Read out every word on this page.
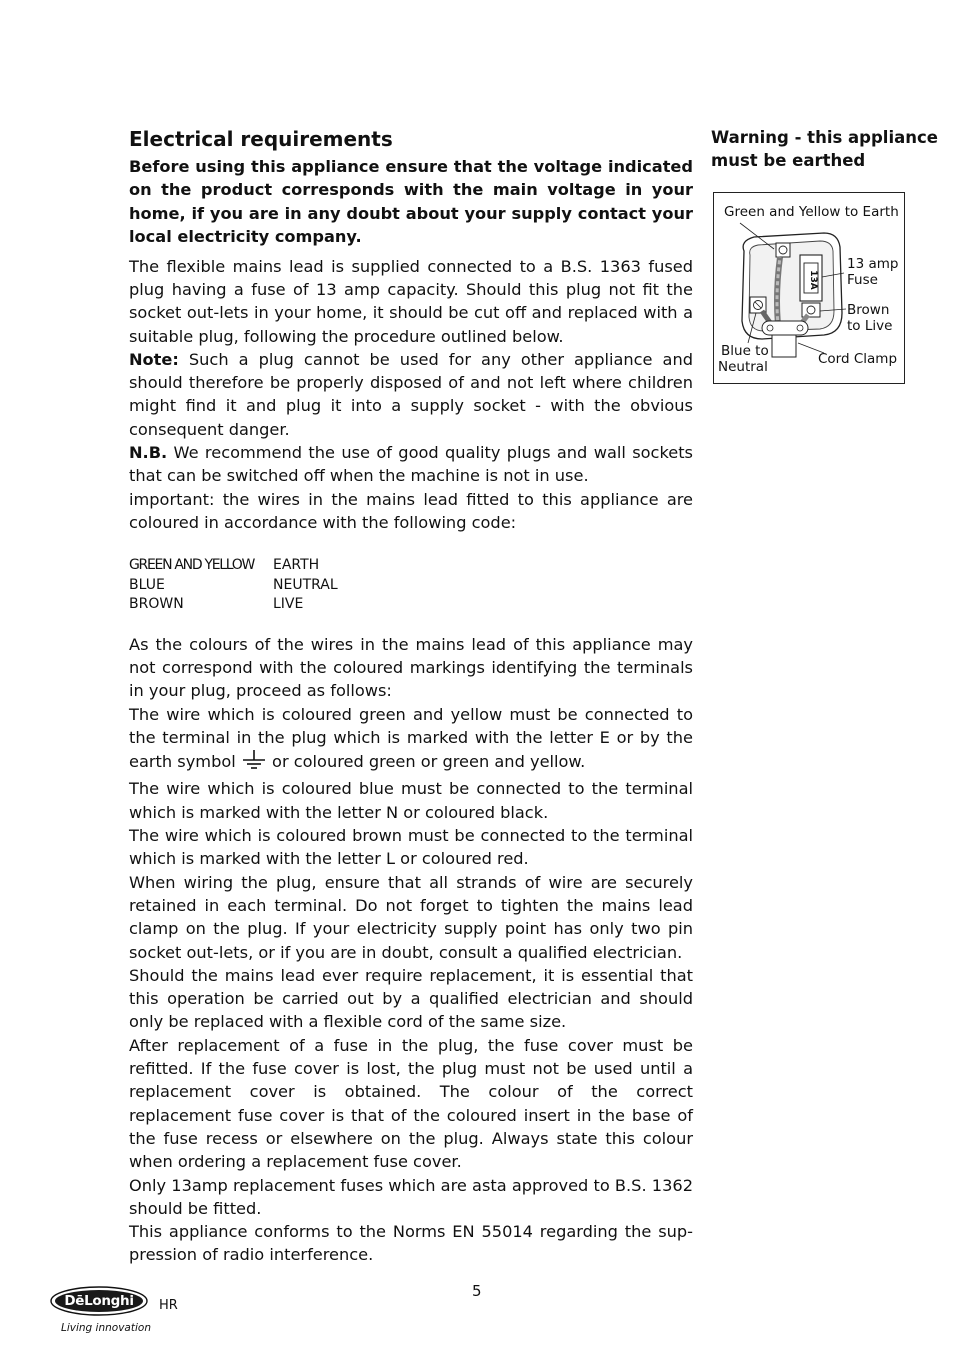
Electrical requirements

Before using this appliance ensure that the voltage indicated on the product corresponds with the main voltage in your home, if you are in any doubt about your supply contact your local electricity company.

The flexible mains lead is supplied connected to a B.S. 1363 fused plug having a fuse of 13 amp capacity. Should this plug not fit the socket out-lets in your home, it should be cut off and replaced with a suitable plug, following the procedure outlined below.

Note: Such a plug cannot be used for any other appliance and should therefore be properly disposed of and not left where children might find it and plug it into a supply socket - with the obvious consequent danger.

N.B. We recommend the use of good quality plugs and wall sockets that can be switched off when the machine is not in use.

important: the wires in the mains lead fitted to this appliance are coloured in accordance with the following code:

GREEN AND YELLOW	EARTH
BLUE	NEUTRAL
BROWN	LIVE

As the colours of the wires in the mains lead of this appliance may not correspond with the coloured markings identifying the terminals in your plug, proceed as follows:

The wire which is coloured green and yellow must be connected to the terminal in the plug which is marked with the letter E or by the earth symbol  or coloured green or green and yellow.

The wire which is coloured blue must be connected to the terminal which is marked with the letter N or coloured black.

The wire which is coloured brown must be connected to the terminal which is marked with the letter L or coloured red.

When wiring the plug, ensure that all strands of wire are securely retained in each terminal. Do not forget to tighten the mains lead clamp on the plug. If your electricity supply point has only two pin socket out-lets, or if you are in doubt, consult a qualified electrician.

Should the mains lead ever require replacement, it is essential that this operation be carried out by a qualified electrician and should only be replaced with a flexible cord of the same size.

After replacement of a fuse in the plug, the fuse cover must be refitted. If the fuse cover is lost, the plug must not be used until a replacement cover is obtained. The colour of the correct replacement fuse cover is that of the coloured insert in the base of the fuse recess or elsewhere on the plug. Always state this colour when ordering a replacement fuse cover.

Only 13amp replacement fuses which are asta approved to B.S. 1362 should be fitted.

This appliance conforms to the Norms EN 55014 regarding the sup-pression of radio interference.

Warning - this appliance must be earthed

Green and Yellow to Earth
13A
13 amp
Fuse
Brown
to Live
Blue to
Neutral	Cord Clamp
5
DēLonghi
Living innovation
HR
